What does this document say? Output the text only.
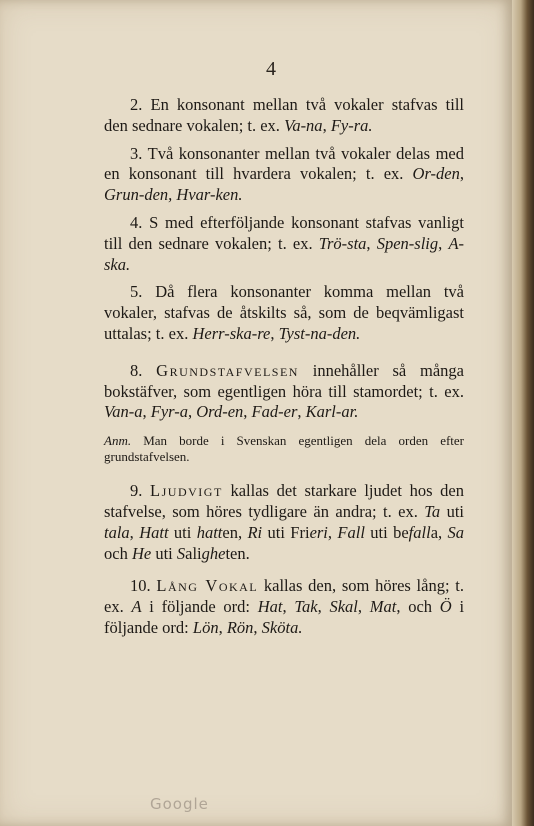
4

2. En konsonant mellan två vokaler stafvas till den sednare vokalen; t. ex. Va-na, Fy-ra.

3. Två konsonanter mellan två vokaler delas med en konsonant till hvardera vokalen; t. ex. Or-den, Grun-den, Hvar-ken.

4. S med efterföljande konsonant stafvas vanligt till den sednare vokalen; t. ex. Trö-sta, Spen-slig, A-ska.

5. Då flera konsonanter komma mellan två vokaler, stafvas de åtskilts så, som de beqvämligast uttalas; t. ex. Herr-ska-re, Tyst-na-den.

8. Grundstafvelsen innehåller så många bokstäfver, som egentligen höra till stamordet; t. ex. Van-a, Fyr-a, Ord-en, Fad-er, Karl-ar.

Anm. Man borde i Svenskan egentligen dela orden efter grundstafvelsen.

9. Ljudvigt kallas det starkare ljudet hos den stafvelse, som höres tydligare än andra; t. ex. Ta uti tala, Hatt uti hatten, Ri uti Frieri, Fall uti befalla, Sa och He uti Saligheten.

10. Lång Vokal kallas den, som höres lång; t. ex. A i följande ord: Hat, Tak, Skal, Mat, och Ö i följande ord: Lön, Rön, Sköta.

Google
